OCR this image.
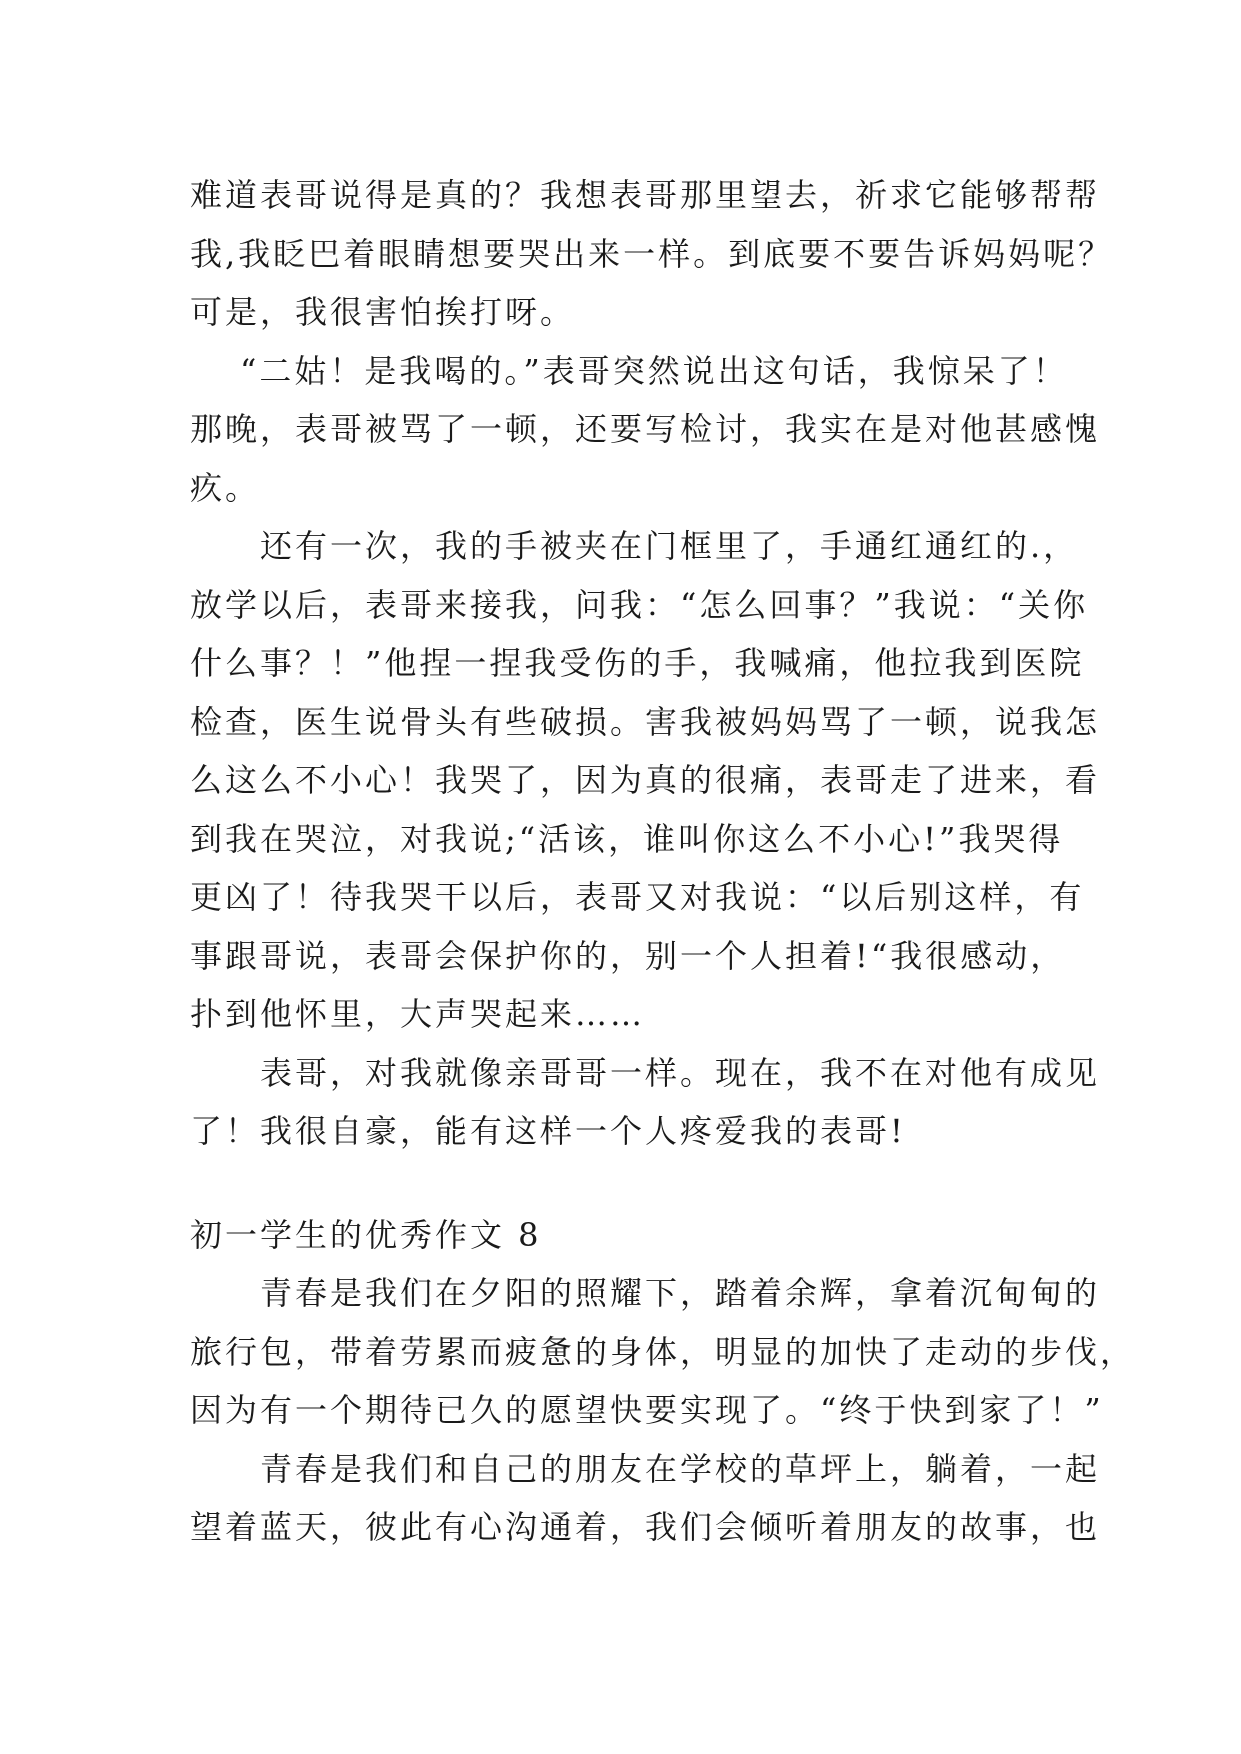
难道表哥说得是真的？我想表哥那里望去，祈求它能够帮帮
我,我眨巴着眼睛想要哭出来一样。到底要不要告诉妈妈呢？
可是，我很害怕挨打呀。
“二姑！是我喝的。”表哥突然说出这句话，我惊呆了！
那晚，表哥被骂了一顿，还要写检讨，我实在是对他甚感愧
疚。
还有一次，我的手被夹在门框里了，手通红通红的.，
放学以后，表哥来接我，问我：“怎么回事？”我说：“关你
什么事？！”他捏一捏我受伤的手，我喊痛，他拉我到医院
检查，医生说骨头有些破损。害我被妈妈骂了一顿，说我怎
么这么不小心！我哭了，因为真的很痛，表哥走了进来，看
到我在哭泣，对我说;“活该，谁叫你这么不小心!”我哭得
更凶了！待我哭干以后，表哥又对我说：“以后别这样，有
事跟哥说，表哥会保护你的，别一个人担着!“我很感动，
扑到他怀里，大声哭起来……
表哥，对我就像亲哥哥一样。现在，我不在对他有成见
了！我很自豪，能有这样一个人疼爱我的表哥!
初一学生的优秀作文 8
青春是我们在夕阳的照耀下，踏着余辉，拿着沉甸甸的
旅行包，带着劳累而疲惫的身体，明显的加快了走动的步伐，
因为有一个期待已久的愿望快要实现了。“终于快到家了！”
青春是我们和自己的朋友在学校的草坪上，躺着，一起
望着蓝天，彼此有心沟通着，我们会倾听着朋友的故事，也
